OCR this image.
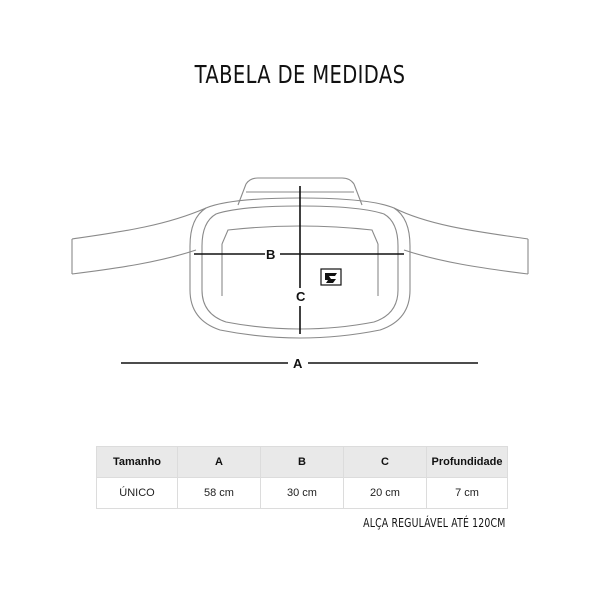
TABELA DE MEDIDAS
B
C
A
Tamanho	A	B	C	Profundidade
ÚNICO	58 cm	30 cm	20 cm	7 cm
ALÇA REGULÁVEL ATÉ 120CM
